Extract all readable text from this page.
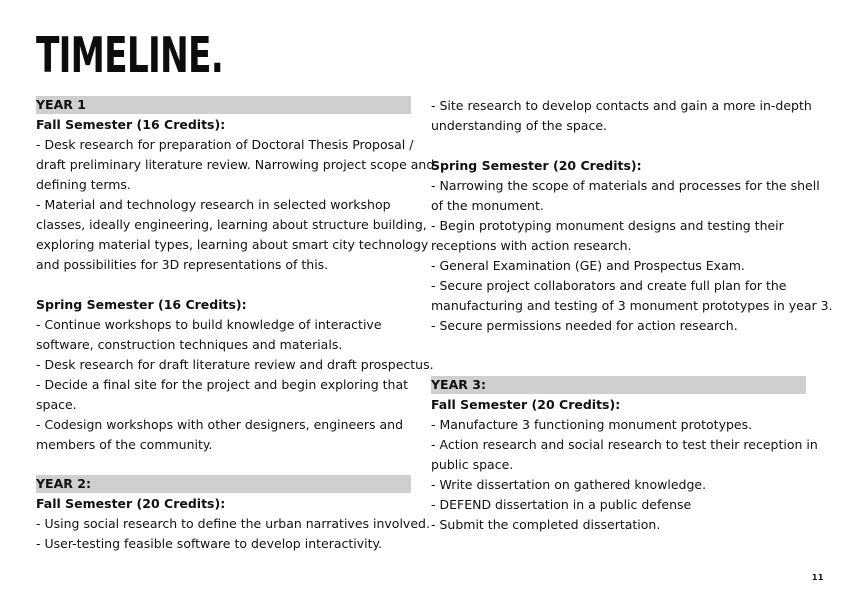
TIMELINE.
YEAR 1
Fall Semester (16 Credits):
- Desk research for preparation of Doctoral Thesis Proposal /
draft preliminary literature review. Narrowing project scope and
defining terms.
- Material and technology research in selected workshop
classes, ideally engineering, learning about structure building,
exploring material types, learning about smart city technology
and possibilities for 3D representations of this.
Spring Semester (16 Credits):
- Continue workshops to build knowledge of interactive
software, construction techniques and materials.
- Desk research for draft literature review and draft prospectus.
- Decide a final site for the project and begin exploring that
space.
- Codesign workshops with other designers, engineers and
members of the community.
YEAR 2:
Fall Semester (20 Credits):
- Using social research to define the urban narratives involved.
- User-testing feasible software to develop interactivity.
- Site research to develop contacts and gain a more in-depth
understanding of the space.
Spring Semester (20 Credits):
- Narrowing the scope of materials and processes for the shell
of the monument.
- Begin prototyping monument designs and testing their
receptions with action research.
- General Examination (GE) and Prospectus Exam.
- Secure project collaborators and create full plan for the
manufacturing and testing of 3 monument prototypes in year 3.
- Secure permissions needed for action research.
YEAR 3:
Fall Semester (20 Credits):
- Manufacture 3 functioning monument prototypes.
- Action research and social research to test their reception in
public space.
- Write dissertation on gathered knowledge.
- DEFEND dissertation in a public defense
- Submit the completed dissertation.
11
